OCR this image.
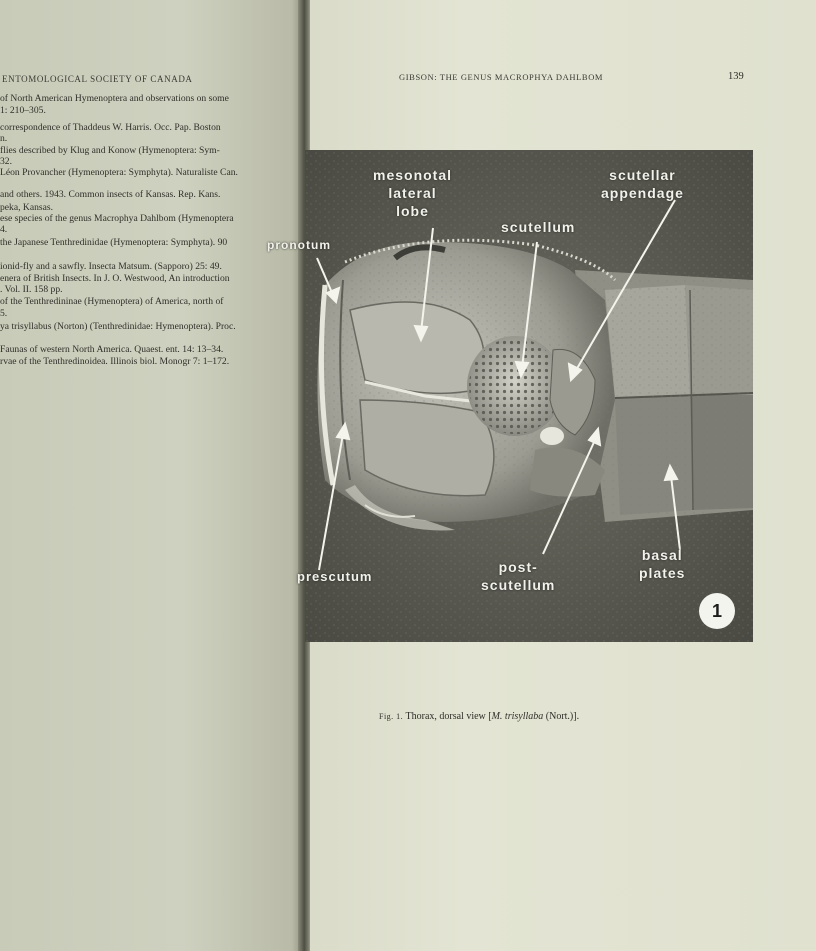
ENTOMOLOGICAL SOCIETY OF CANADA
of North American Hymenoptera and observations on some
1: 210–305.
correspondence of Thaddeus W. Harris. Occ. Pap. Boston
n.
flies described by Klug and Konow (Hymenoptera: Sym-
32.
Léon Provancher (Hymenoptera: Symphyta). Naturaliste Can.
and others. 1943. Common insects of Kansas. Rep. Kans.
peka, Kansas.
ese species of the genus Macrophya Dahlbom (Hymenoptera
4.
the Japanese Tenthredinidae (Hymenoptera: Symphyta). 90
ionid-fly and a sawfly. Insecta Matsum. (Sapporo) 25: 49.
enera of British Insects. In J. O. Westwood, An introduction
. Vol. II. 158 pp.
of the Tenthredininae (Hymenoptera) of America, north of
5.
ya trisyllabus (Norton) (Tenthredinidae: Hymenoptera). Proc.
Faunas of western North America. Quaest. ent. 14: 13–34.
rvae of the Tenthredinoidea. Illinois biol. Monogr 7: 1–172.
GIBSON: THE GENUS MACROPHYA DAHLBOM	139
mesonotal
lateral
lobe
scutellar
appendage
scutellum
pronotum
prescutum
post-
scutellum
basal
plates
1
Fig. 1. Thorax, dorsal view [M. trisyllaba (Nort.)].
